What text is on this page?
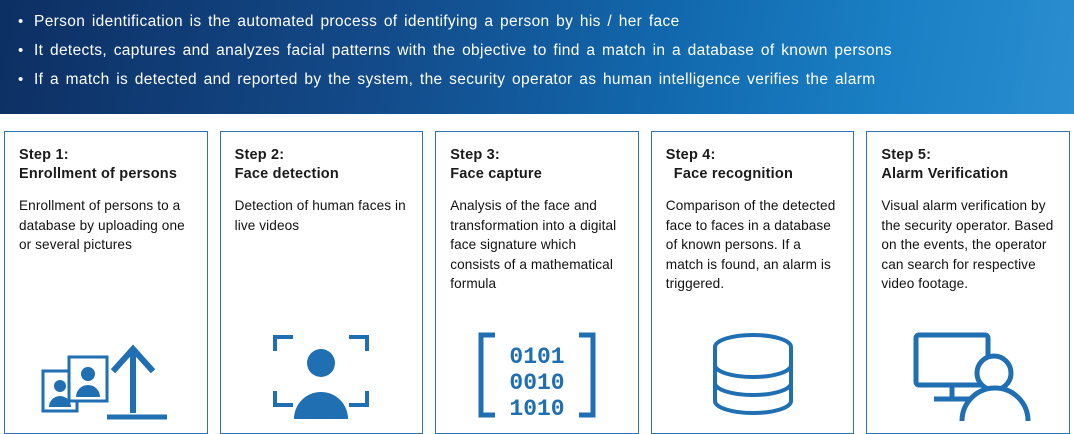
• Person identification is the automated process of identifying a person by his / her face
• It detects, captures and analyzes facial patterns with the objective to find a match in a database of known persons
• If a match is detected and reported by the system, the security operator as human intelligence verifies the alarm
Step 1:
Enrollment of persons
Enrollment of persons to a database by uploading one or several pictures
Step 2:
Face detection
Detection of human faces in live videos
Step 3:
Face capture
Analysis of the face and transformation into a digital face signature which consists of a mathematical formula
0101
0010
1010
Step 4:
Face recognition
Comparison of the detected face to faces in a database of known persons. If a match is found, an alarm is triggered.
Step 5:
Alarm Verification
Visual alarm verification by the security operator. Based on the events, the operator can search for respective video footage.
